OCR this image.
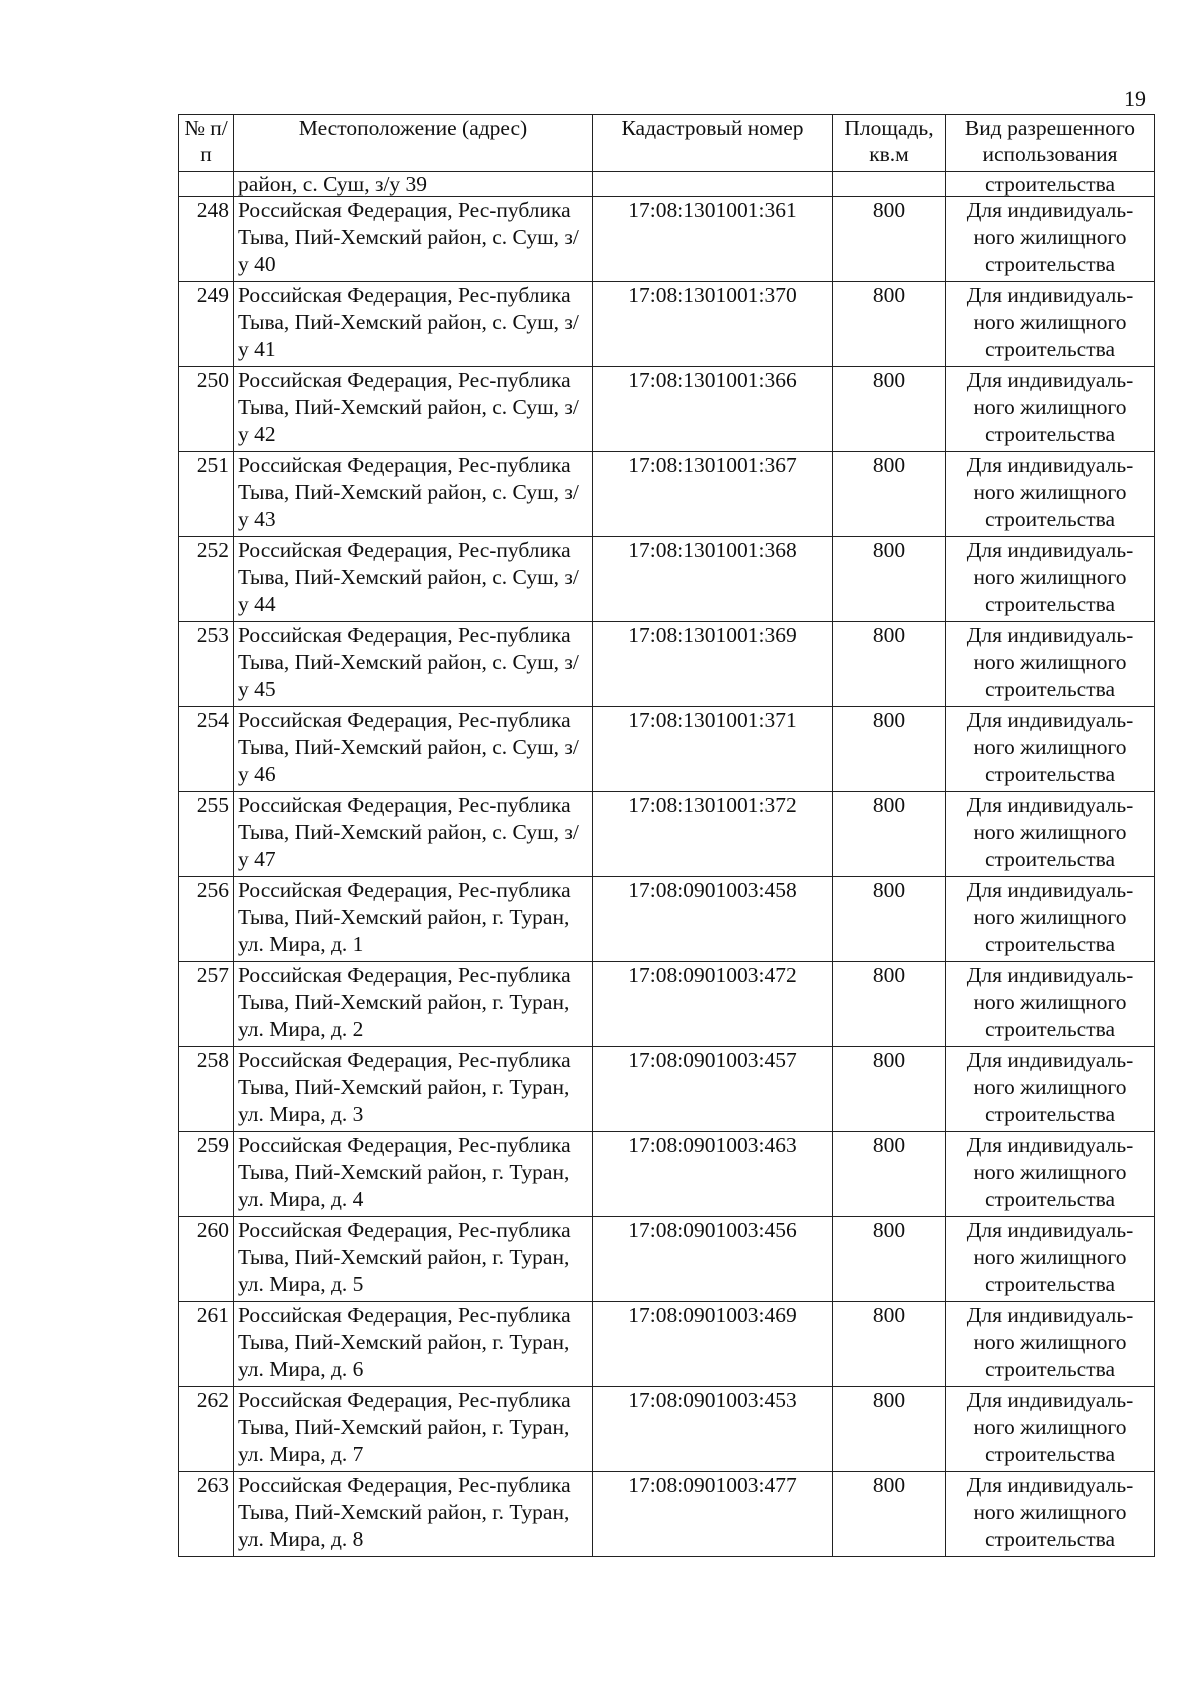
19
№ п/п	Местоположение (адрес)	Кадастровый номер	Площадь, кв.м	Вид разрешенного использования
	район, с. Суш, з/у 39			строительства
248	Российская Федерация, Рес-публика Тыва, Пий-Хемский район, с. Суш, з/у 40	17:08:1301001:361	800	Для индивидуаль-ного жилищного строительства
249	Российская Федерация, Рес-публика Тыва, Пий-Хемский район, с. Суш, з/у 41	17:08:1301001:370	800	Для индивидуаль-ного жилищного строительства
250	Российская Федерация, Рес-публика Тыва, Пий-Хемский район, с. Суш, з/у 42	17:08:1301001:366	800	Для индивидуаль-ного жилищного строительства
251	Российская Федерация, Рес-публика Тыва, Пий-Хемский район, с. Суш, з/у 43	17:08:1301001:367	800	Для индивидуаль-ного жилищного строительства
252	Российская Федерация, Рес-публика Тыва, Пий-Хемский район, с. Суш, з/у 44	17:08:1301001:368	800	Для индивидуаль-ного жилищного строительства
253	Российская Федерация, Рес-публика Тыва, Пий-Хемский район, с. Суш, з/у 45	17:08:1301001:369	800	Для индивидуаль-ного жилищного строительства
254	Российская Федерация, Рес-публика Тыва, Пий-Хемский район, с. Суш, з/у 46	17:08:1301001:371	800	Для индивидуаль-ного жилищного строительства
255	Российская Федерация, Рес-публика Тыва, Пий-Хемский район, с. Суш, з/у 47	17:08:1301001:372	800	Для индивидуаль-ного жилищного строительства
256	Российская Федерация, Рес-публика Тыва, Пий-Хемский район, г. Туран, ул. Мира, д. 1	17:08:0901003:458	800	Для индивидуаль-ного жилищного строительства
257	Российская Федерация, Рес-публика Тыва, Пий-Хемский район, г. Туран, ул. Мира, д. 2	17:08:0901003:472	800	Для индивидуаль-ного жилищного строительства
258	Российская Федерация, Рес-публика Тыва, Пий-Хемский район, г. Туран, ул. Мира, д. 3	17:08:0901003:457	800	Для индивидуаль-ного жилищного строительства
259	Российская Федерация, Рес-публика Тыва, Пий-Хемский район, г. Туран, ул. Мира, д. 4	17:08:0901003:463	800	Для индивидуаль-ного жилищного строительства
260	Российская Федерация, Рес-публика Тыва, Пий-Хемский район, г. Туран, ул. Мира, д. 5	17:08:0901003:456	800	Для индивидуаль-ного жилищного строительства
261	Российская Федерация, Рес-публика Тыва, Пий-Хемский район, г. Туран, ул. Мира, д. 6	17:08:0901003:469	800	Для индивидуаль-ного жилищного строительства
262	Российская Федерация, Рес-публика Тыва, Пий-Хемский район, г. Туран, ул. Мира, д. 7	17:08:0901003:453	800	Для индивидуаль-ного жилищного строительства
263	Российская Федерация, Рес-публика Тыва, Пий-Хемский район, г. Туран, ул. Мира, д. 8	17:08:0901003:477	800	Для индивидуаль-ного жилищного строительства
